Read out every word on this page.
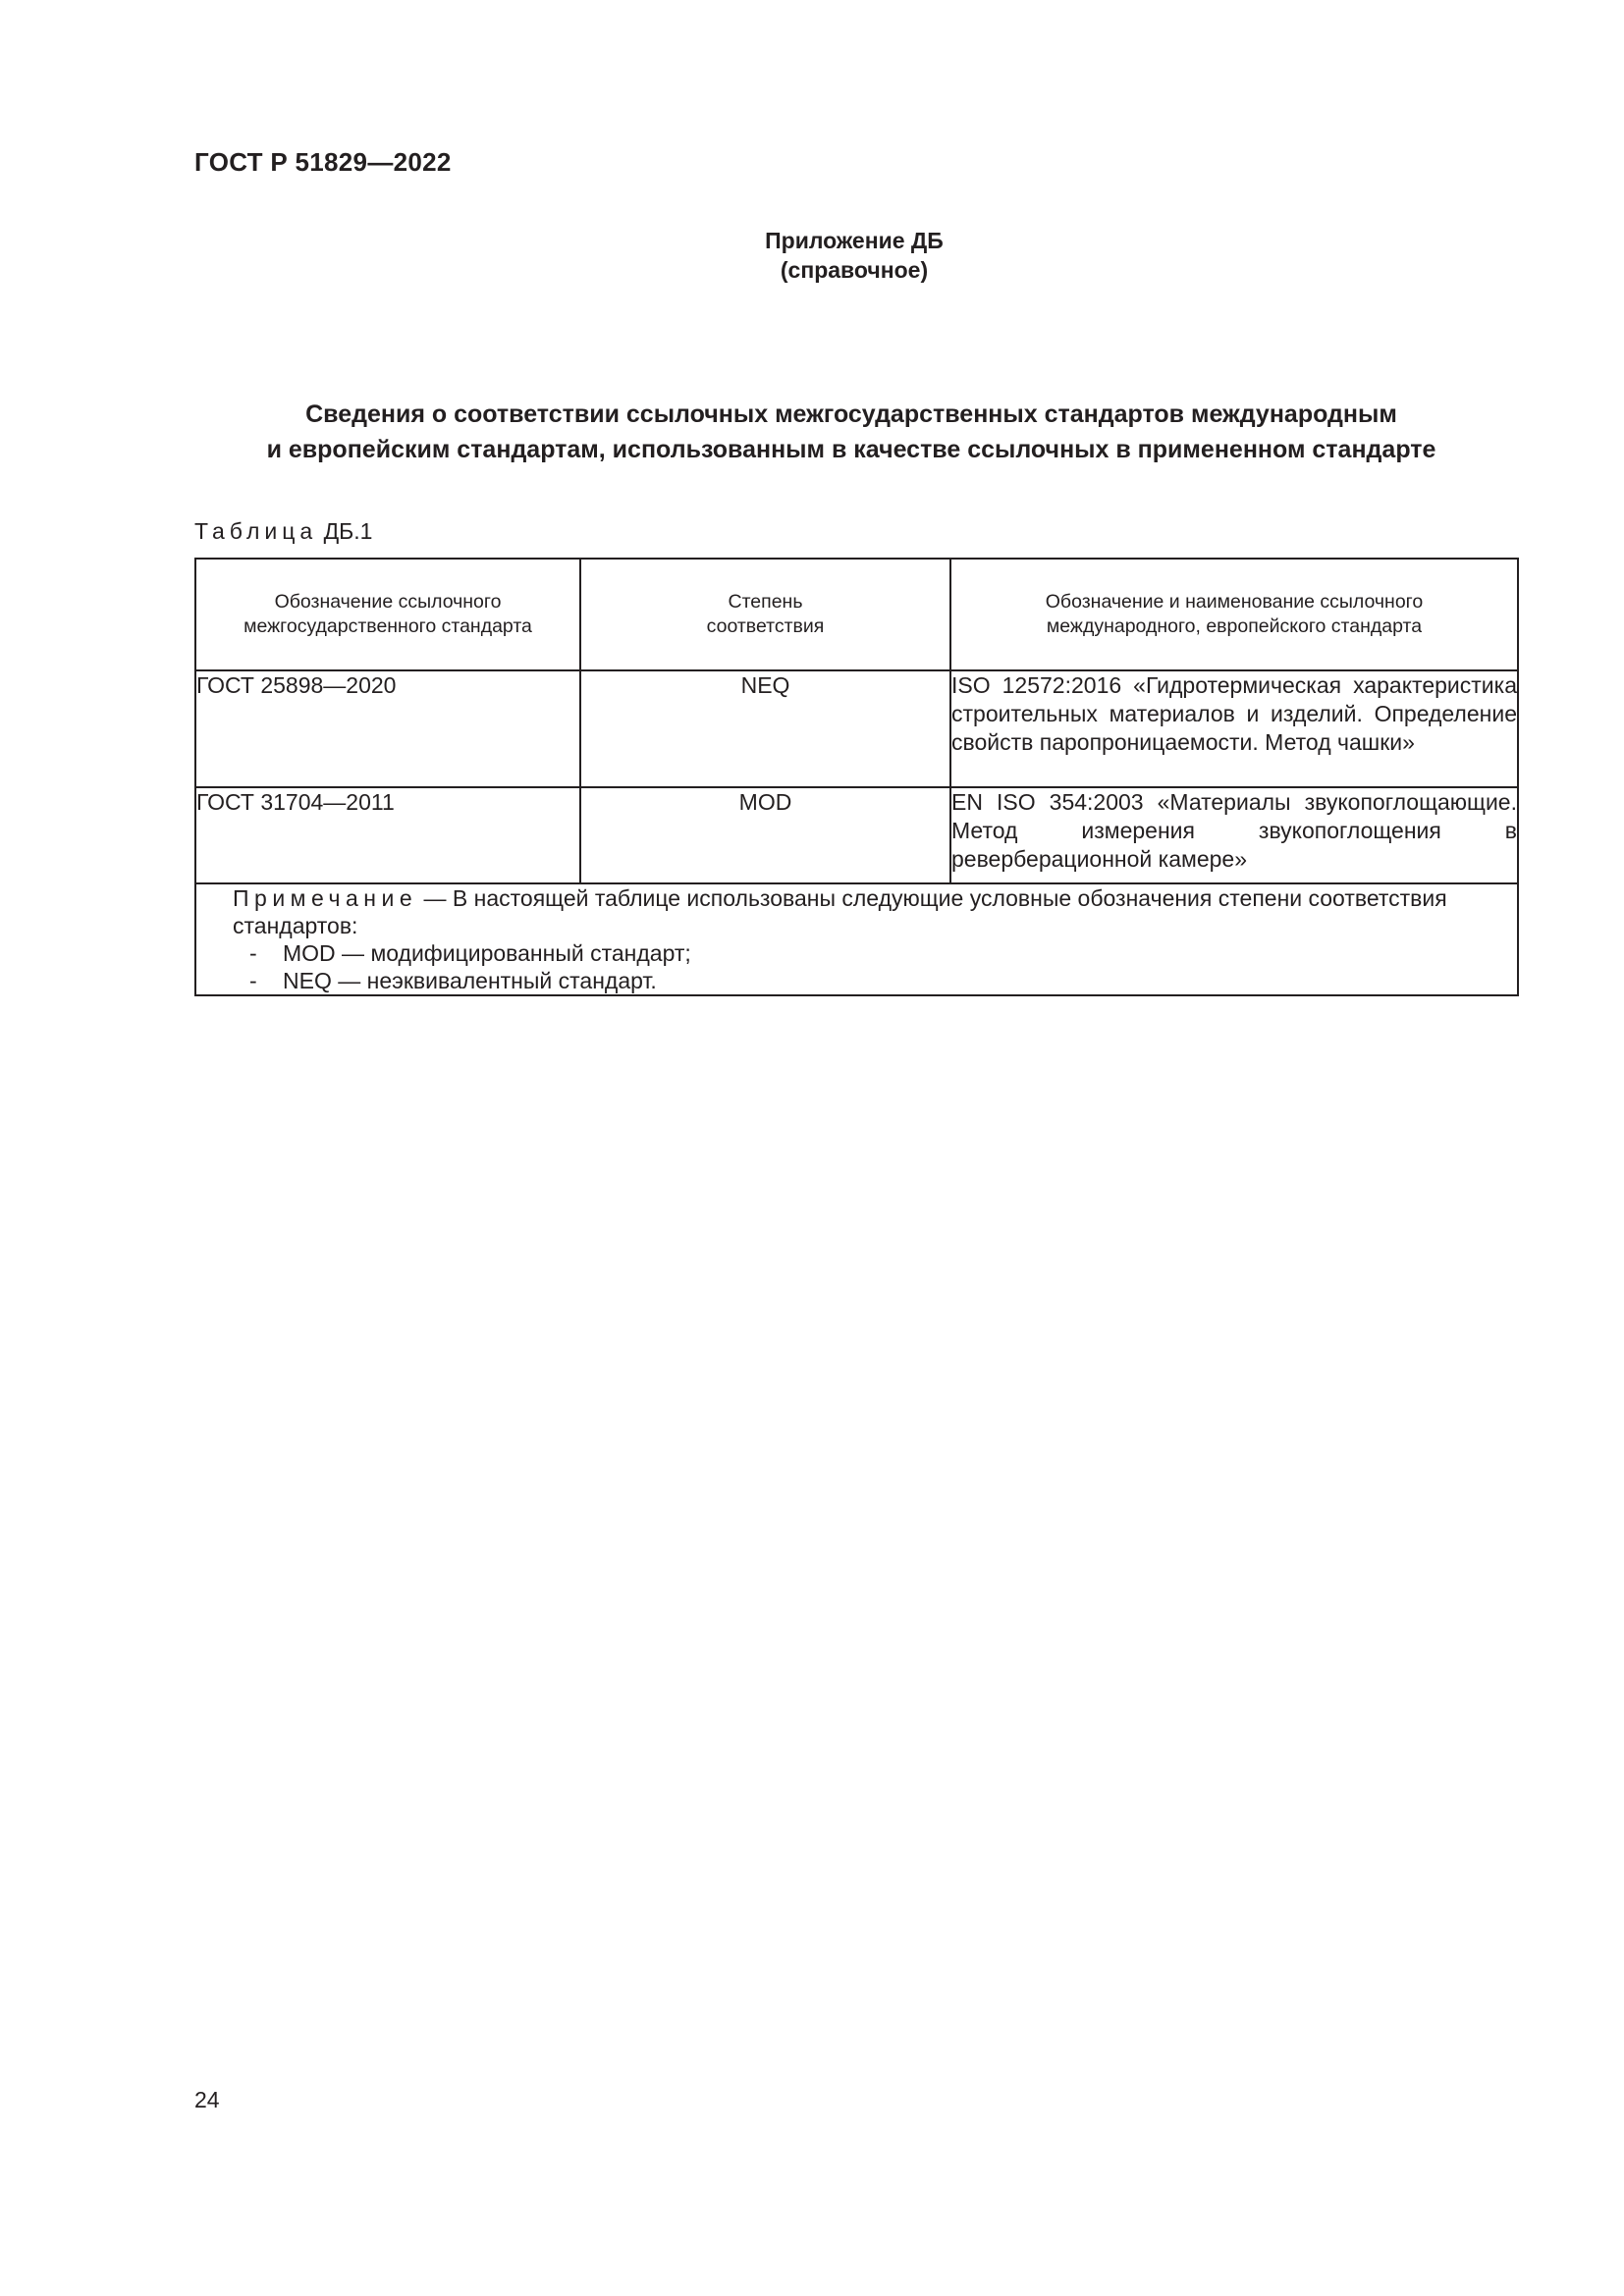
ГОСТ Р 51829—2022
Приложение ДБ
(справочное)
Сведения о соответствии ссылочных межгосударственных стандартов международным
и европейским стандартам, использованным в качестве ссылочных в примененном стандарте
Таблица ДБ.1
Обозначение ссылочного межгосударственного стандарта	Степень соответствия	Обозначение и наименование ссылочного международного, европейского стандарта
ГОСТ 25898—2020	NEQ	ISO 12572:2016 «Гидротермическая характеристика строительных материалов и изделий. Определение свойств паропроницаемости. Метод чашки»
ГОСТ 31704—2011	MOD	EN ISO 354:2003 «Материалы звукопоглощающие. Метод измерения звукопоглощения в реверберационной камере»

Примечание — В настоящей таблице использованы следующие условные обозначения степени соответствия стандартов:
- MOD — модифицированный стандарт;
- NEQ — неэквивалентный стандарт.		
24
